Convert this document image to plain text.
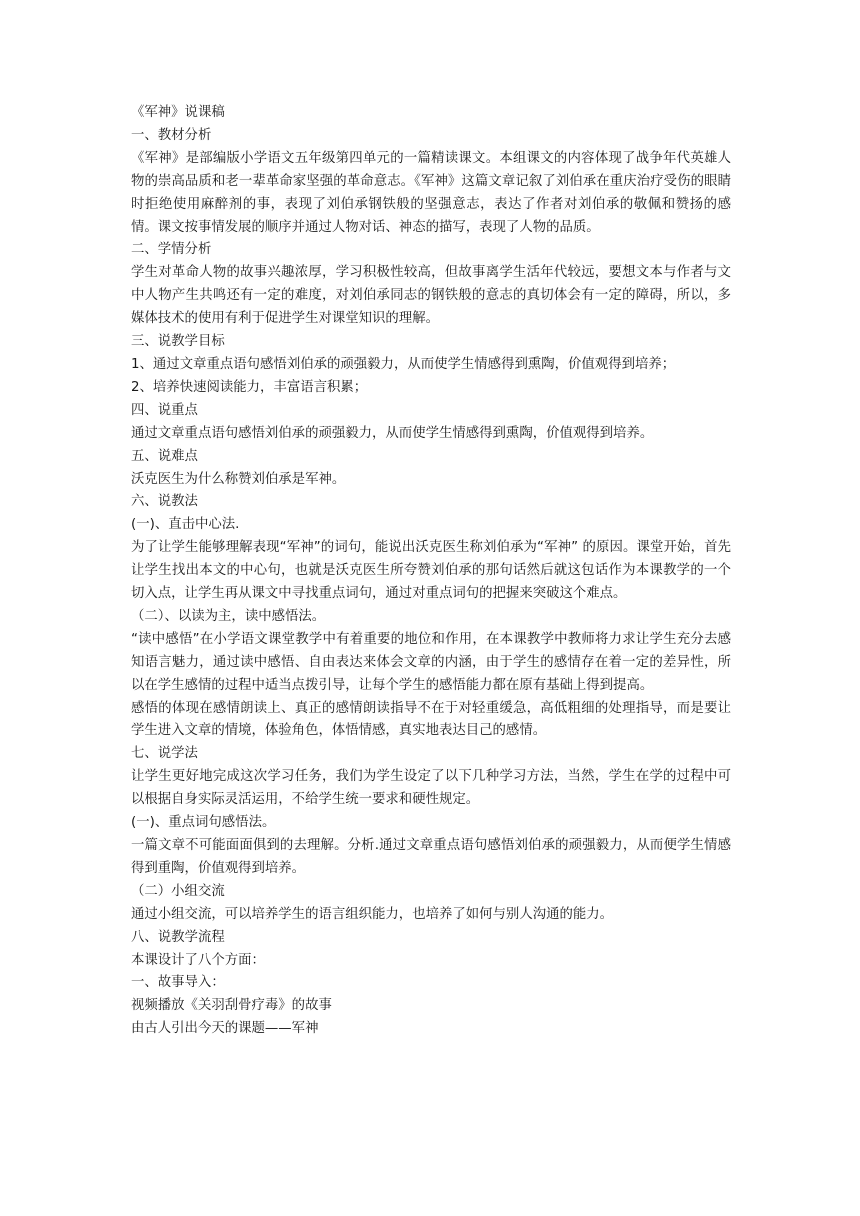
《军神》说课稿

一、教材分析

《军神》是部编版小学语文五年级第四单元的一篇精读课文。本组课文的内容体现了战争年代英雄人物的崇高品质和老一辈革命家坚强的革命意志。《军神》这篇文章记叙了刘伯承在重庆治疗受伤的眼睛时拒绝使用麻醉剂的事，表现了刘伯承钢铁般的坚强意志，表达了作者对刘伯承的敬佩和赞扬的感情。课文按事情发展的顺序并通过人物对话、神态的描写，表现了人物的品质。

二、学情分析

学生对革命人物的故事兴趣浓厚，学习积极性较高，但故事离学生活年代较远，要想文本与作者与文中人物产生共鸣还有一定的难度，对刘伯承同志的钢铁般的意志的真切体会有一定的障碍，所以，多媒体技术的使用有利于促进学生对课堂知识的理解。

三、说教学目标

1、通过文章重点语句感悟刘伯承的顽强毅力，从而使学生情感得到熏陶，价值观得到培养；

2、培养快速阅读能力，丰富语言积累；

四、说重点

通过文章重点语句感悟刘伯承的顽强毅力，从而使学生情感得到熏陶，价值观得到培养。

五、说难点

沃克医生为什么称赞刘伯承是军神。

六、说教法

(一)、直击中心法.

为了让学生能够理解表现“军神”的词句，能说出沃克医生称刘伯承为“军神” 的原因。课堂开始，首先让学生找出本文的中心句，也就是沃克医生所夸赞刘伯承的那句话然后就这包话作为本课教学的一个切入点，让学生再从课文中寻找重点词句，通过对重点词句的把握来突破这个难点。

（二）、以读为主，读中感悟法。

“读中感悟”在小学语文课堂教学中有着重要的地位和作用，在本课教学中教师将力求让学生充分去感知语言魅力，通过读中感悟、自由表达来体会文章的内涵，由于学生的感情存在着一定的差异性，所以在学生感情的过程中适当点拨引导，让每个学生的感悟能力都在原有基础上得到提高。

感悟的体现在感情朗读上、真正的感情朗读指导不在于对轻重缓急，高低粗细的处理指导，而是要让学生进入文章的情境，体验角色，体悟情感，真实地表达目己的感情。

七、说学法

让学生更好地完成这次学习任务，我们为学生设定了以下几种学习方法，当然，学生在学的过程中可以根据自身实际灵活运用，不给学生统一要求和硬性规定。

(一)、重点词句感悟法。

一篇文章不可能面面俱到的去理解。分析.通过文章重点语句感悟刘伯承的顽强毅力，从而便学生情感得到重陶，价值观得到培养。

（二）小组交流

通过小组交流，可以培养学生的语言组织能力，也培养了如何与别人沟通的能力。

八、说教学流程

本课设计了八个方面：

一、故事导入：

视频播放《关羽刮骨疗毒》的故事

由古人引出今天的课题——军神
